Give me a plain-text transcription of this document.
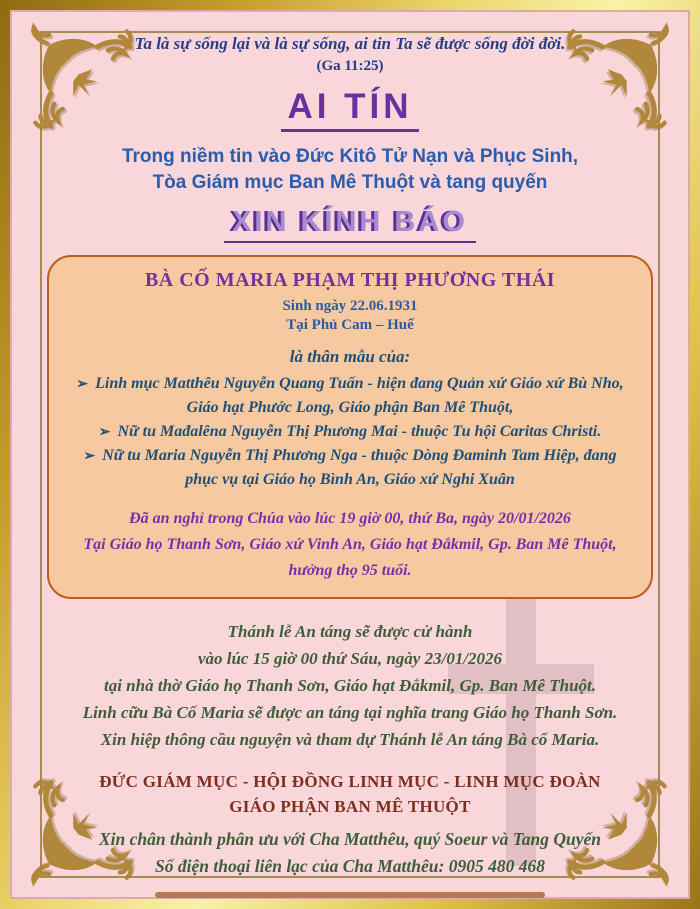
Ta là sự sống lại và là sự sống, ai tin Ta sẽ được sống đời đời.

(Ga 11:25)

AI TÍN

Trong niềm tin vào Đức Kitô Tử Nạn và Phục Sinh,
Tòa Giám mục Ban Mê Thuột và tang quyến

XIN KÍNH BÁO

BÀ CỐ MARIA PHẠM THỊ PHƯƠNG THÁI

Sinh ngày 22.06.1931

Tại Phủ Cam – Huế

là thân mẫu của:

➢ Linh mục Matthêu Nguyễn Quang Tuấn - hiện đang Quản xứ Giáo xứ Bù Nho, Giáo hạt Phước Long, Giáo phận Ban Mê Thuột,

➢ Nữ tu Mađalêna Nguyễn Thị Phương Mai - thuộc Tu hội Caritas Christi.

➢ Nữ tu Maria Nguyễn Thị Phương Nga - thuộc Dòng Đaminh Tam Hiệp, đang phục vụ tại Giáo họ Bình An, Giáo xứ Nghi Xuân

Đã an nghỉ trong Chúa vào lúc 19 giờ 00, thứ Ba, ngày 20/01/2026
Tại Giáo họ Thanh Sơn, Giáo xứ Vinh An, Giáo hạt Đắkmil, Gp. Ban Mê Thuột,
hưởng thọ 95 tuổi.
Thánh lễ An táng sẽ được cử hành
vào lúc 15 giờ 00 thứ Sáu, ngày 23/01/2026
tại nhà thờ Giáo họ Thanh Sơn, Giáo hạt Đắkmil, Gp. Ban Mê Thuột.
Linh cữu Bà Cố Maria sẽ được an táng tại nghĩa trang Giáo họ Thanh Sơn.
Xin hiệp thông cầu nguyện và tham dự Thánh lễ An táng Bà cố Maria.
ĐỨC GIÁM MỤC - HỘI ĐỒNG LINH MỤC - LINH MỤC ĐOÀN
GIÁO PHẬN BAN MÊ THUỘT
Xin chân thành phân ưu với Cha Matthêu, quý Soeur và Tang Quyến
Số điện thoại liên lạc của Cha Matthêu: 0905 480 468
